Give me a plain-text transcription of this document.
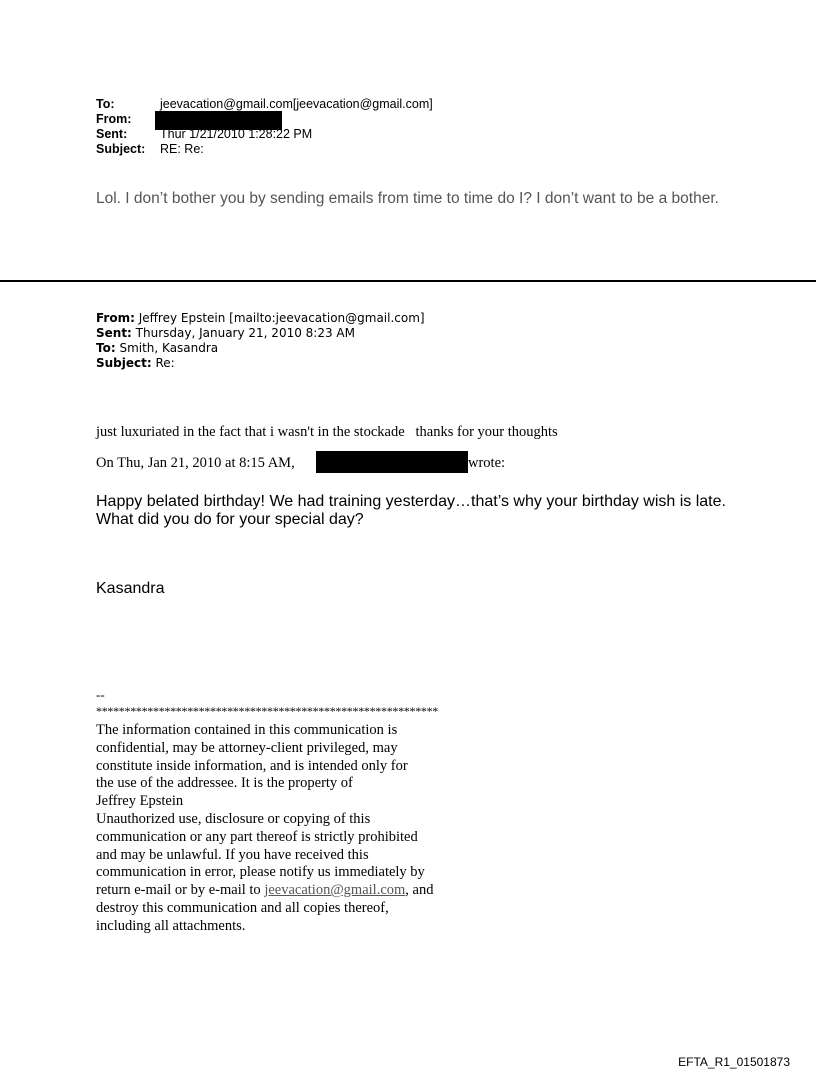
To:	jeevacation@gmail.com[jeevacation@gmail.com]
From:
Sent:	Thur 1/21/2010 1:28:22 PM
Subject: RE: Re:
Lol. I don’t bother you by sending emails from time to time do I? I don’t want to be a bother.
From: Jeffrey Epstein [mailto:jeevacation@gmail.com]
Sent: Thursday, January 21, 2010 8:23 AM
To: Smith, Kasandra
Subject: Re:
just luxuriated in the fact that i wasn't in the stockade   thanks for your thoughts
On Thu, Jan 21, 2010 at 8:15 AM,	wrote:
Happy belated birthday! We had training yesterday…that’s why your birthday wish is late. What did you do for your special day?
Kasandra
--
************************************************************
The information contained in this communication is
confidential, may be attorney-client privileged, may
constitute inside information, and is intended only for
the use of the addressee. It is the property of
Jeffrey Epstein
Unauthorized use, disclosure or copying of this
communication or any part thereof is strictly prohibited
and may be unlawful. If you have received this
communication in error, please notify us immediately by
return e-mail or by e-mail to jeevacation@gmail.com, and
destroy this communication and all copies thereof,
including all attachments.
EFTA_R1_01501873
